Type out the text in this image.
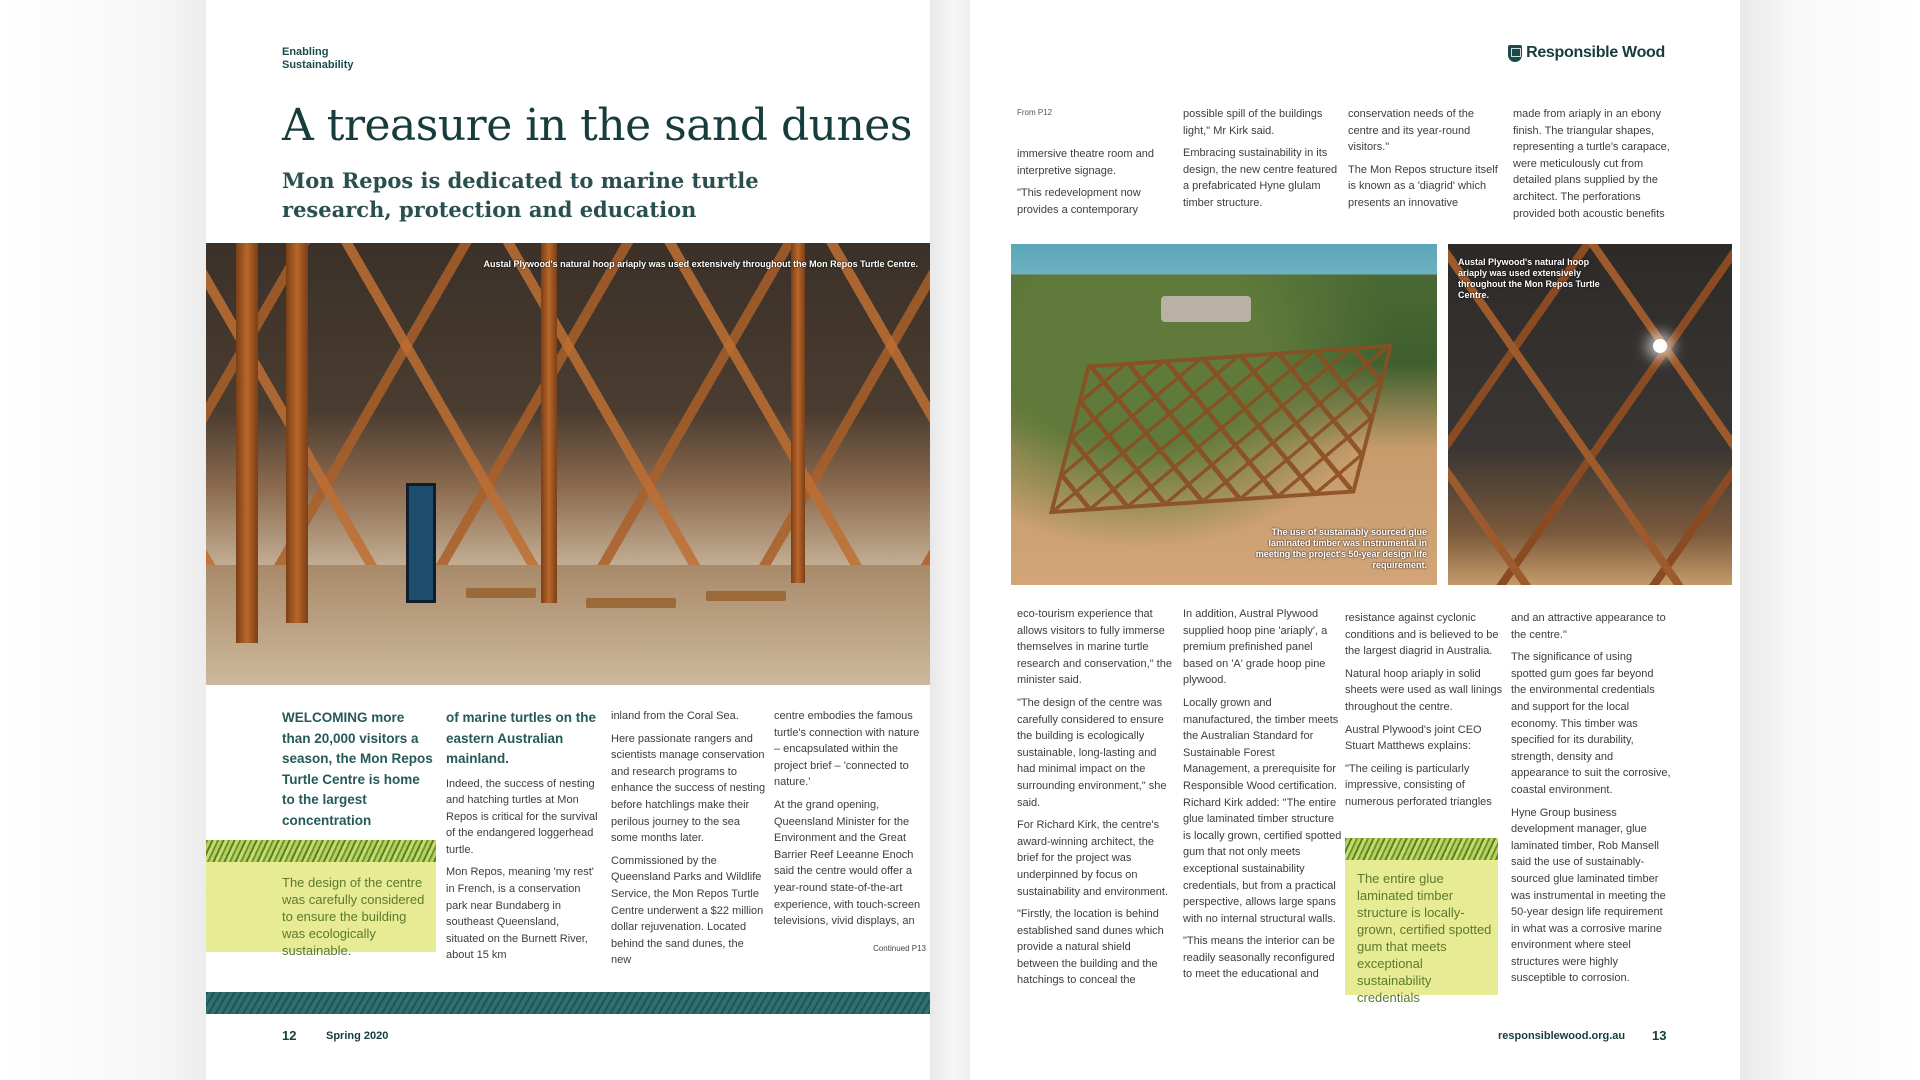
Enabling
Sustainability
A treasure in the sand dunes
Mon Repos is dedicated to marine turtle research, protection and education
Austal Plywood's natural hoop ariaply was used extensively throughout the Mon Repos Turtle Centre.

WELCOMING more than 20,000 visitors a season, the Mon Repos Turtle Centre is home to the largest concentration

The design of the centre was carefully considered to ensure the building was ecologically sustainable.

of marine turtles on the eastern Australian mainland.

Indeed, the success of nesting and hatching turtles at Mon Repos is critical for the survival of the endangered loggerhead turtle.

Mon Repos, meaning 'my rest' in French, is a conservation park near Bundaberg in southeast Queensland, situated on the Burnett River, about 15 km

inland from the Coral Sea.

Here passionate rangers and scientists manage conservation and research programs to enhance the success of nesting before hatchlings make their perilous journey to the sea some months later.

Commissioned by the Queensland Parks and Wildlife Service, the Mon Repos Turtle Centre underwent a $22 million dollar rejuvenation. Located behind the sand dunes, the new

centre embodies the famous turtle's connection with nature – encapsulated within the project brief – 'connected to nature.'

At the grand opening, Queensland Minister for the Environment and the Great Barrier Reef Leeanne Enoch said the centre would offer a year-round state-of-the-art experience, with touch-screen televisions, vivid displays, an

Continued P13
12	Spring 2020
Responsible Wood
From P12

immersive theatre room and interpretive signage.

"This redevelopment now provides a contemporary

possible spill of the buildings light," Mr Kirk said.

Embracing sustainability in its design, the new centre featured a prefabricated Hyne glulam timber structure.

conservation needs of the centre and its year-round visitors."

The Mon Repos structure itself is known as a 'diagrid' which presents an innovative

made from ariaply in an ebony finish. The triangular shapes, representing a turtle's carapace, were meticulously cut from detailed plans supplied by the architect. The perforations provided both acoustic benefits

The use of sustainably sourced glue laminated timber was instrumental in meeting the project's 50-year design life requirement.
Austal Plywood's natural hoop ariaply was used extensively throughout the Mon Repos Turtle Centre.

eco-tourism experience that allows visitors to fully immerse themselves in marine turtle research and conservation," the minister said.

"The design of the centre was carefully considered to ensure the building is ecologically sustainable, long-lasting and had minimal impact on the surrounding environment," she said.

For Richard Kirk, the centre's award-winning architect, the brief for the project was underpinned by focus on sustainability and environment.

"Firstly, the location is behind established sand dunes which provide a natural shield between the building and the hatchings to conceal the

In addition, Austral Plywood supplied hoop pine 'ariaply', a premium prefinished panel based on 'A' grade hoop pine plywood.

Locally grown and manufactured, the timber meets the Australian Standard for Sustainable Forest Management, a prerequisite for Responsible Wood certification. Richard Kirk added: "The entire glue laminated timber structure is locally grown, certified spotted gum that not only meets exceptional sustainability credentials, but from a practical perspective, allows large spans with no internal structural walls.

"This means the interior can be readily seasonally reconfigured to meet the educational and

resistance against cyclonic conditions and is believed to be the largest diagrid in Australia.

Natural hoop ariaply in solid sheets were used as wall linings throughout the centre.

Austral Plywood's joint CEO Stuart Matthews explains:

"The ceiling is particularly impressive, consisting of numerous perforated triangles

The entire glue laminated timber structure is locally-grown, certified spotted gum that meets exceptional sustainability credentials

and an attractive appearance to the centre."

The significance of using spotted gum goes far beyond the environmental credentials and support for the local economy. This timber was specified for its durability, strength, density and appearance to suit the corrosive, coastal environment.

Hyne Group business development manager, glue laminated timber, Rob Mansell said the use of sustainably-sourced glue laminated timber was instrumental in meeting the 50-year design life requirement in what was a corrosive marine environment where steel structures were highly susceptible to corrosion.

responsiblewood.org.au 13
